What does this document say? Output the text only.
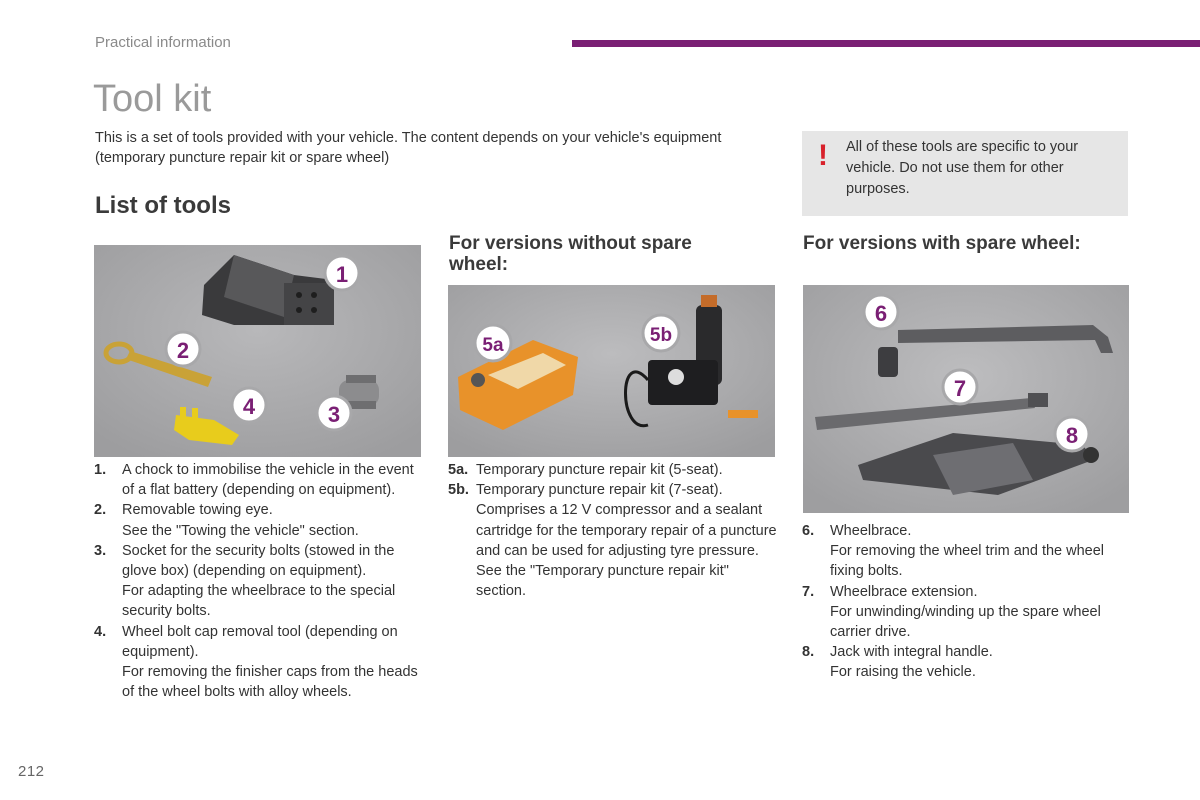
Practical information
Tool kit
This is a set of tools provided with your vehicle. The content depends on your vehicle's equipment (temporary puncture repair kit or spare wheel)	! All of these tools are specific to your vehicle. Do not use them for other purposes.
List of tools
For versions without spare wheel:
For versions with spare wheel:
1
2
3
4
5a	5b
6
7
8
1. A chock to immobilise the vehicle in the event of a flat battery (depending on equipment).
2. Removable towing eye.
See the "Towing the vehicle" section.
3. Socket for the security bolts (stowed in the glove box) (depending on equipment).
For adapting the wheelbrace to the special security bolts.
4. Wheel bolt cap removal tool (depending on equipment).
For removing the finisher caps from the heads of the wheel bolts with alloy wheels.
5a. Temporary puncture repair kit (5-seat).
5b. Temporary puncture repair kit (7-seat).
Comprises a 12 V compressor and a sealant cartridge for the temporary repair of a puncture and can be used for adjusting tyre pressure.
See the "Temporary puncture repair kit" section.
6. Wheelbrace.
For removing the wheel trim and the wheel fixing bolts.
7. Wheelbrace extension.
For unwinding/winding up the spare wheel carrier drive.
8. Jack with integral handle.
For raising the vehicle.
212
